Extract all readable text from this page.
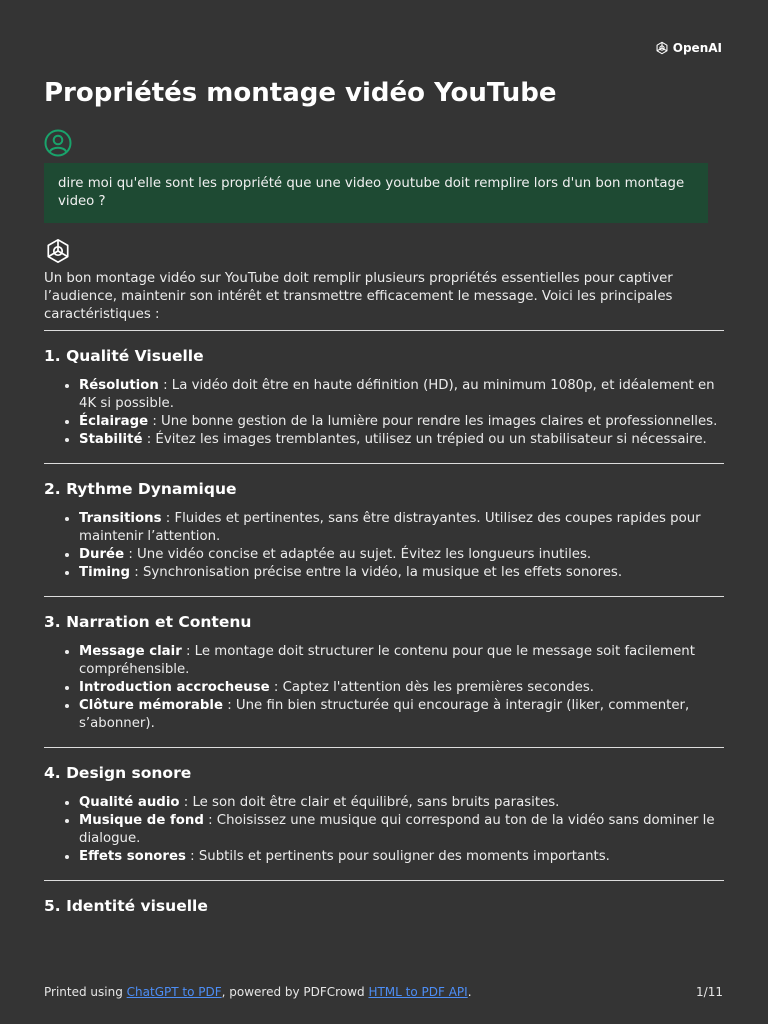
OpenAI
Propriétés montage vidéo YouTube
dire moi qu'elle sont les propriété que une video youtube doit remplire lors d'un bon montage video ?

Un bon montage vidéo sur YouTube doit remplir plusieurs propriétés essentielles pour captiver l’audience, maintenir son intérêt et transmettre efficacement le message. Voici les principales caractéristiques :

1. Qualité Visuelle
• Résolution : La vidéo doit être en haute définition (HD), au minimum 1080p, et idéalement en 4K si possible.
• Éclairage : Une bonne gestion de la lumière pour rendre les images claires et professionnelles.
• Stabilité : Évitez les images tremblantes, utilisez un trépied ou un stabilisateur si nécessaire.
2. Rythme Dynamique
• Transitions : Fluides et pertinentes, sans être distrayantes. Utilisez des coupes rapides pour maintenir l’attention.
• Durée : Une vidéo concise et adaptée au sujet. Évitez les longueurs inutiles.
• Timing : Synchronisation précise entre la vidéo, la musique et les effets sonores.
3. Narration et Contenu
• Message clair : Le montage doit structurer le contenu pour que le message soit facilement compréhensible.
• Introduction accrocheuse : Captez l'attention dès les premières secondes.
• Clôture mémorable : Une fin bien structurée qui encourage à interagir (liker, commenter, s’abonner).
4. Design sonore
• Qualité audio : Le son doit être clair et équilibré, sans bruits parasites.
• Musique de fond : Choisissez une musique qui correspond au ton de la vidéo sans dominer le dialogue.
• Effets sonores : Subtils et pertinents pour souligner des moments importants.
5. Identité visuelle
Printed using ChatGPT to PDF, powered by PDFCrowd HTML to PDF API.	1/11
